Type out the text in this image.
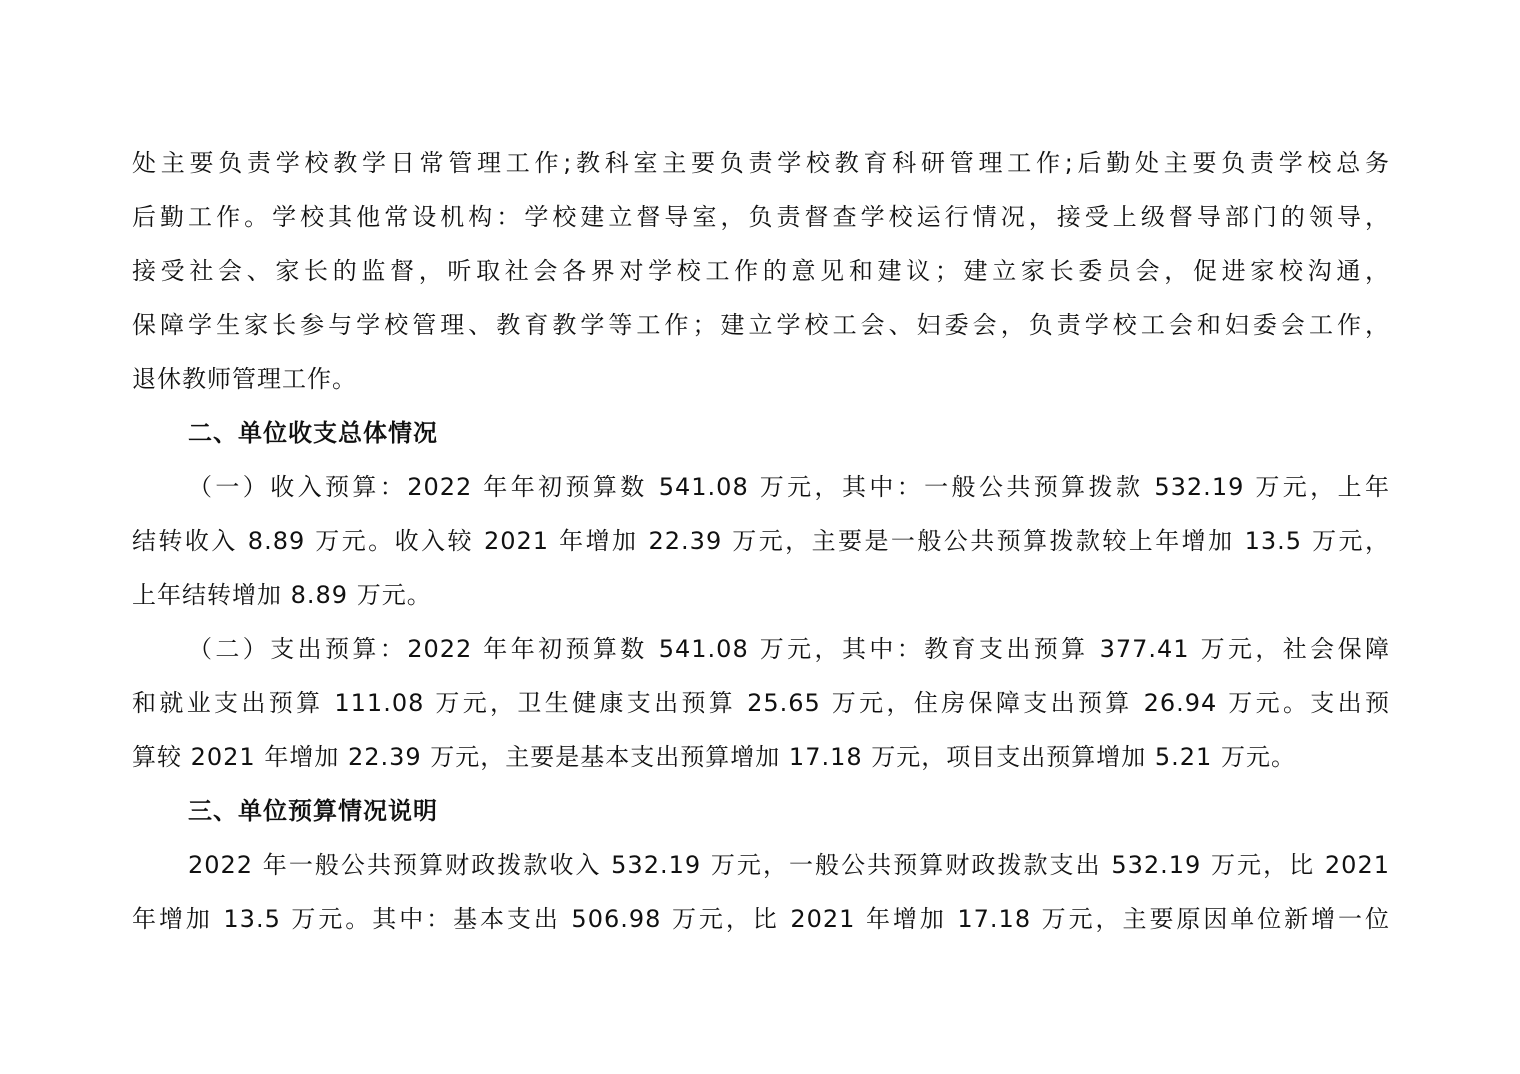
处主要负责学校教学日常管理工作;教科室主要负责学校教育科研管理工作;后勤处主要负责学校总务
后勤工作。学校其他常设机构：学校建立督导室，负责督查学校运行情况，接受上级督导部门的领导，
接受社会、家长的监督，听取社会各界对学校工作的意见和建议；建立家长委员会，促进家校沟通，
保障学生家长参与学校管理、教育教学等工作；建立学校工会、妇委会，负责学校工会和妇委会工作，
退休教师管理工作。
二、单位收支总体情况
（一）收入预算：2022 年年初预算数 541.08 万元，其中：一般公共预算拨款 532.19 万元，上年
结转收入 8.89 万元。收入较 2021 年增加 22.39 万元，主要是一般公共预算拨款较上年增加 13.5 万元，
上年结转增加 8.89 万元。
（二）支出预算：2022 年年初预算数 541.08 万元，其中：教育支出预算 377.41 万元，社会保障
和就业支出预算 111.08 万元，卫生健康支出预算 25.65 万元，住房保障支出预算 26.94 万元。支出预
算较 2021 年增加 22.39 万元，主要是基本支出预算增加 17.18 万元，项目支出预算增加 5.21 万元。
三、单位预算情况说明
2022 年一般公共预算财政拨款收入 532.19 万元，一般公共预算财政拨款支出 532.19 万元，比 2021
年增加 13.5 万元。其中：基本支出 506.98 万元，比 2021 年增加 17.18 万元，主要原因单位新增一位
